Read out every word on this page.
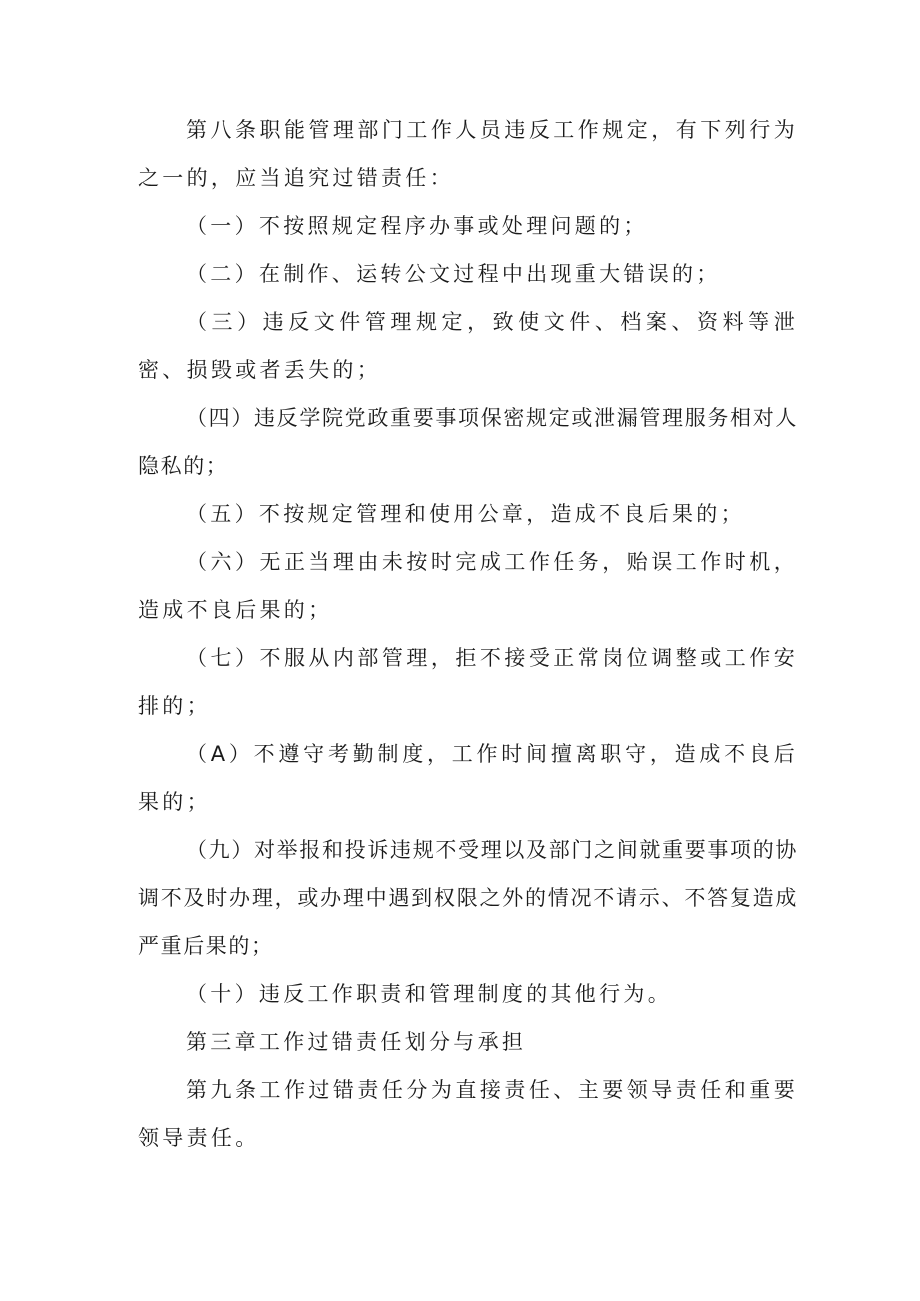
第八条职能管理部门工作人员违反工作规定，有下列行为之一的，应当追究过错责任：

（一）不按照规定程序办事或处理问题的；

（二）在制作、运转公文过程中出现重大错误的；

（三）违反文件管理规定，致使文件、档案、资料等泄密、损毁或者丢失的；

（四）违反学院党政重要事项保密规定或泄漏管理服务相对人隐私的；

（五）不按规定管理和使用公章，造成不良后果的；

（六）无正当理由未按时完成工作任务，贻误工作时机，造成不良后果的；

（七）不服从内部管理，拒不接受正常岗位调整或工作安排的；

（A）不遵守考勤制度，工作时间擅离职守，造成不良后果的；

（九）对举报和投诉违规不受理以及部门之间就重要事项的协调不及时办理，或办理中遇到权限之外的情况不请示、不答复造成严重后果的；

（十）违反工作职责和管理制度的其他行为。

第三章工作过错责任划分与承担

第九条工作过错责任分为直接责任、主要领导责任和重要领导责任。
